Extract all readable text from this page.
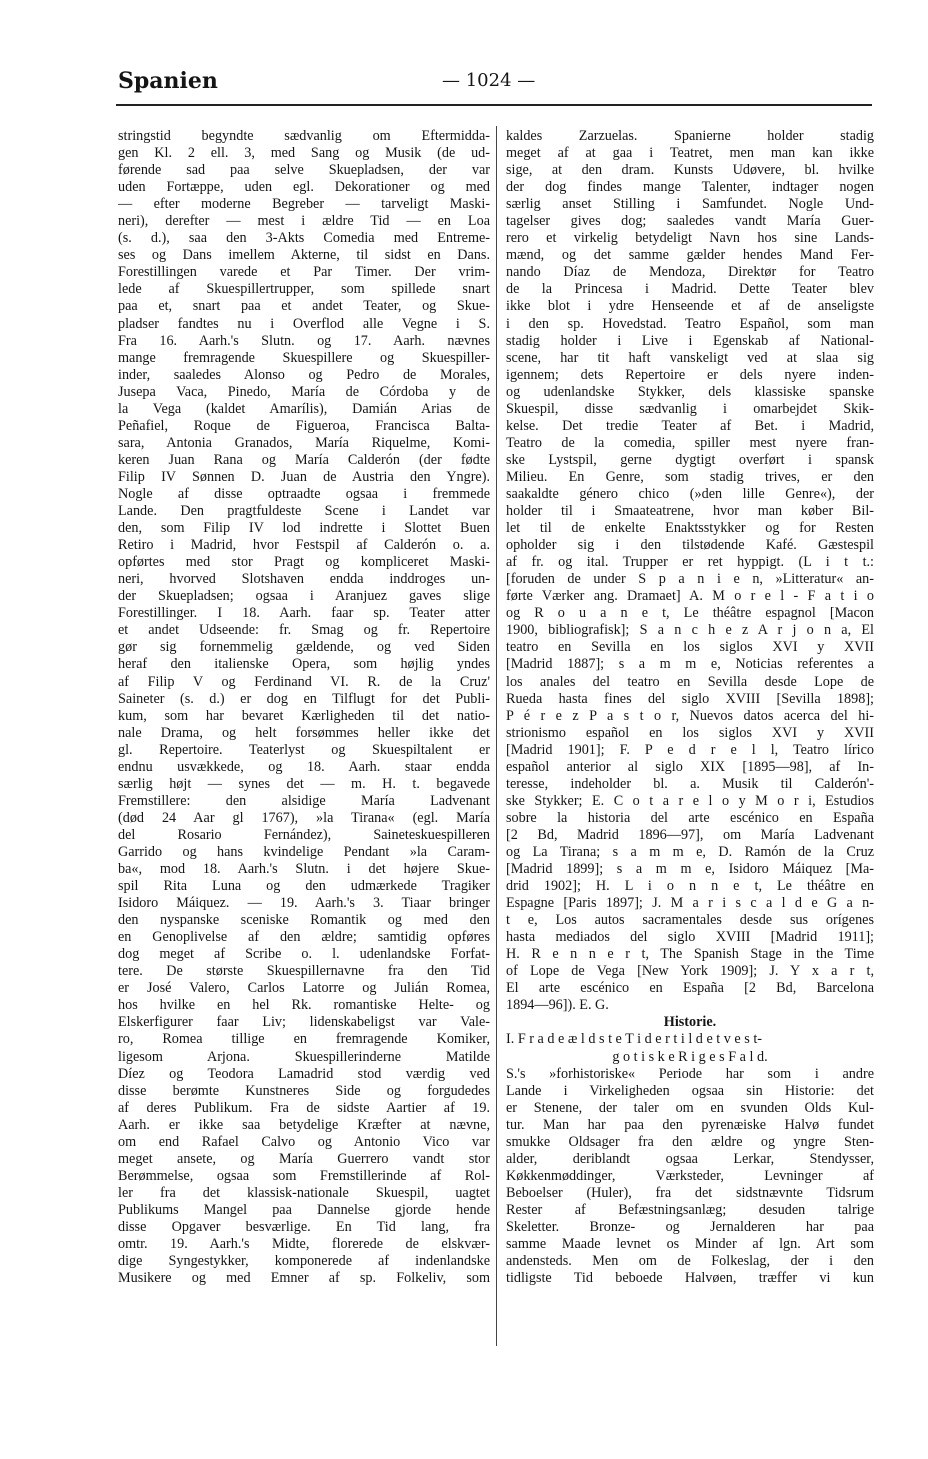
Spanien	— 1024 —
stringstid begyndte sædvanlig om Eftermidda-
gen Kl. 2 ell. 3, med Sang og Musik (de ud-
førende sad paa selve Skuepladsen, der var
uden Fortæppe, uden egl. Dekorationer og med
— efter moderne Begreber — tarveligt Maski-
neri), derefter — mest i ældre Tid — en Loa
(s. d.), saa den 3-Akts Comedia med Entreme-
ses og Dans imellem Akterne, til sidst en Dans.
Forestillingen varede et Par Timer. Der vrim-
lede af Skuespillertrupper, som spillede snart
paa et, snart paa et andet Teater, og Skue-
pladser fandtes nu i Overflod alle Vegne i S.
Fra 16. Aarh.'s Slutn. og 17. Aarh. nævnes
mange fremragende Skuespillere og Skuespiller-
inder, saaledes Alonso og Pedro de Morales,
Jusepa Vaca, Pinedo, María de Córdoba y de
la Vega (kaldet Amarílis), Damián Arias de
Peñafiel, Roque de Figueroa, Francisca Balta-
sara, Antonia Granados, María Riquelme, Komi-
keren Juan Rana og María Calderón (der fødte
Filip IV Sønnen D. Juan de Austria den Yngre).
Nogle af disse optraadte ogsaa i fremmede
Lande. Den pragtfuldeste Scene i Landet var
den, som Filip IV lod indrette i Slottet Buen
Retiro i Madrid, hvor Festspil af Calderón o. a.
opførtes med stor Pragt og kompliceret Maski-
neri, hvorved Slotshaven endda inddroges un-
der Skuepladsen; ogsaa i Aranjuez gaves slige
Forestillinger. I 18. Aarh. faar sp. Teater atter
et andet Udseende: fr. Smag og fr. Repertoire
gør sig fornemmelig gældende, og ved Siden
heraf den italienske Opera, som højlig yndes
af Filip V og Ferdinand VI. R. de la Cruz'
Saineter (s. d.) er dog en Tilflugt for det Publi-
kum, som har bevaret Kærligheden til det natio-
nale Drama, og helt forsømmes heller ikke det
gl. Repertoire. Teaterlyst og Skuespiltalent er
endnu usvækkede, og 18. Aarh. staar endda
særlig højt — synes det — m. H. t. begavede
Fremstillere: den alsidige María Ladvenant
(død 24 Aar gl 1767), »la Tirana« (egl. María
del Rosario Fernández), Saineteskuespilleren
Garrido og hans kvindelige Pendant »la Caram-
ba«, mod 18. Aarh.'s Slutn. i det højere Skue-
spil Rita Luna og den udmærkede Tragiker
Isidoro Máiquez. — 19. Aarh.'s 3. Tiaar bringer
den nyspanske sceniske Romantik og med den
en Genoplivelse af den ældre; samtidig opføres
dog meget af Scribe o. l. udenlandske Forfat-
tere. De største Skuespillernavne fra den Tid
er José Valero, Carlos Latorre og Julián Romea,
hos hvilke en hel Rk. romantiske Helte- og
Elskerfigurer faar Liv; lidenskabeligst var Vale-
ro, Romea tillige en fremragende Komiker,
ligesom Arjona. Skuespillerinderne Matilde
Díez og Teodora Lamadrid stod værdig ved
disse berømte Kunstneres Side og forgudedes
af deres Publikum. Fra de sidste Aartier af 19.
Aarh. er ikke saa betydelige Kræfter at nævne,
om end Rafael Calvo og Antonio Vico var
meget ansete, og María Guerrero vandt stor
Berømmelse, ogsaa som Fremstillerinde af Rol-
ler fra det klassisk-nationale Skuespil, uagtet
Publikums Mangel paa Dannelse gjorde hende
disse Opgaver besværlige. En Tid lang, fra
omtr. 19. Aarh.'s Midte, florerede de elskvær-
dige Syngestykker, komponerede af indenlandske
Musikere og med Emner af sp. Folkeliv, som
kaldes Zarzuelas. Spanierne holder stadig
meget af at gaa i Teatret, men man kan ikke
sige, at den dram. Kunsts Udøvere, bl. hvilke
der dog findes mange Talenter, indtager nogen
særlig anset Stilling i Samfundet. Nogle Und-
tagelser gives dog; saaledes vandt María Guer-
rero et virkelig betydeligt Navn hos sine Lands-
mænd, og det samme gælder hendes Mand Fer-
nando Díaz de Mendoza, Direktør for Teatro
de la Princesa i Madrid. Dette Teater blev
ikke blot i ydre Henseende et af de anseligste
i den sp. Hovedstad. Teatro Español, som man
stadig holder i Live i Egenskab af National-
scene, har tit haft vanskeligt ved at slaa sig
igennem; dets Repertoire er dels nyere inden-
og udenlandske Stykker, dels klassiske spanske
Skuespil, disse sædvanlig i omarbejdet Skik-
kelse. Det tredie Teater af Bet. i Madrid,
Teatro de la comedia, spiller mest nyere fran-
ske Lystspil, gerne dygtigt overført i spansk
Milieu. En Genre, som stadig trives, er den
saakaldte género chico (»den lille Genre«), der
holder til i Smaateatrene, hvor man køber Bil-
let til de enkelte Enaktsstykker og for Resten
opholder sig i den tilstødende Kafé. Gæstespil
af fr. og ital. Trupper er ret hyppigt. (L i t t.:
[foruden de under S p a n i e n, »Litteratur« an-
førte Værker ang. Dramaet] A. M o r e l - F a t i o
og R o u a n e t, Le théâtre espagnol [Macon
1900, bibliografisk]; S a n c h e z A r j o n a, El
teatro en Sevilla en los siglos XVI y XVII
[Madrid 1887]; s a m m e, Noticias referentes a
los anales del teatro en Sevilla desde Lope de
Rueda hasta fines del siglo XVIII [Sevilla 1898];
P é r e z P a s t o r, Nuevos datos acerca del hi-
strionismo español en los siglos XVI y XVII
[Madrid 1901]; F. P e d r e l l, Teatro lírico
español anterior al siglo XIX [1895—98], af In-
teresse, indeholder bl. a. Musik til Calderón'-
ske Stykker; E. C o t a r e l o y M o r i, Estudios
sobre la historia del arte escénico en España
[2 Bd, Madrid 1896—97], om María Ladvenant
og La Tirana; s a m m e, D. Ramón de la Cruz
[Madrid 1899]; s a m m e, Isidoro Máiquez [Ma-
drid 1902]; H. L i o n n e t, Le théâtre en
Espagne [Paris 1897]; J. M a r i s c a l d e G a n-
t e, Los autos sacramentales desde sus orígenes
hasta mediados del siglo XVIII [Madrid 1911];
H. R e n n e r t, The Spanish Stage in the Time
of Lope de Vega [New York 1909]; J. Y x a r t,
El arte escénico en España [2 Bd, Barcelona
1894—96]). E. G.
Historie.
I. F r a d e æ l d s t e T i d e r t i l d e t v e s t-
g o t i s k e R i g e s F a l d.
S.'s »forhistoriske« Periode har som i andre
Lande i Virkeligheden ogsaa sin Historie: det
er Stenene, der taler om en svunden Olds Kul-
tur. Man har paa den pyrenæiske Halvø fundet
smukke Oldsager fra den ældre og yngre Sten-
alder, deriblandt ogsaa Lerkar, Stendysser,
Køkkenmøddinger, Værksteder, Levninger af
Beboelser (Huler), fra det sidstnævnte Tidsrum
Rester af Befæstningsanlæg; desuden talrige
Skeletter. Bronze- og Jernalderen har paa
samme Maade levnet os Minder af lgn. Art som
andensteds. Men om de Folkeslag, der i den
tidligste Tid beboede Halvøen, træffer vi kun
